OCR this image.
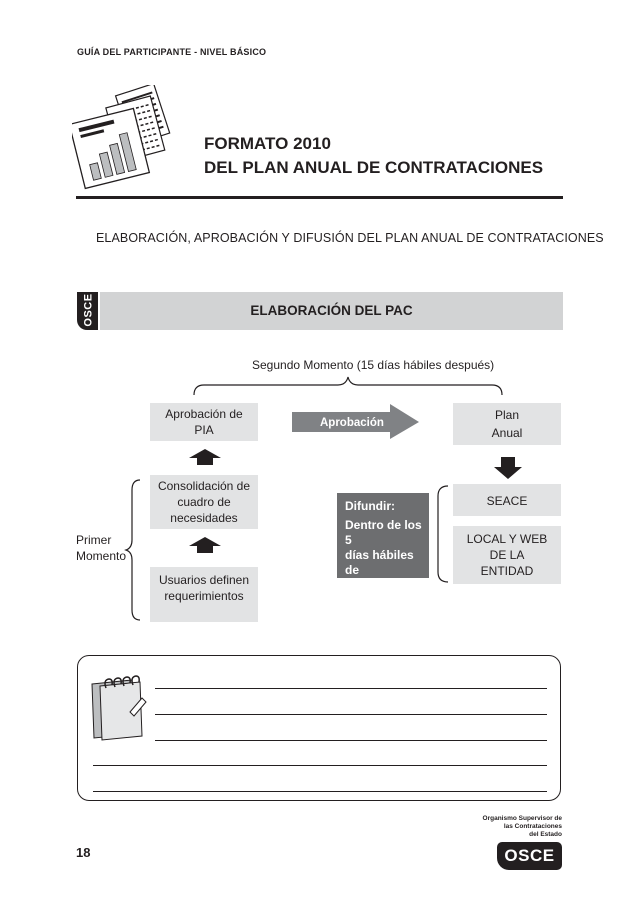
GUÍA DEL PARTICIPANTE - NIVEL BÁSICO
FORMATO 2010
DEL PLAN ANUAL DE CONTRATACIONES
ELABORACIÓN, APROBACIÓN Y DIFUSIÓN DEL PLAN ANUAL DE CONTRATACIONES
OSCE	ELABORACIÓN DEL PAC
Segundo Momento (15 días hábiles después)
Aprobación de
PIA
Consolidación de
cuadro de
necesidades
Usuarios definen
requerimientos
Primer
Momento
Aprobación
Plan
Anual
SEACE
LOCAL Y WEB
DE LA
ENTIDAD
Difundir:
Dentro de los 5
días hábiles de
aprobado
18
Organismo Supervisor de
las Contrataciones
del Estado
OSCE
